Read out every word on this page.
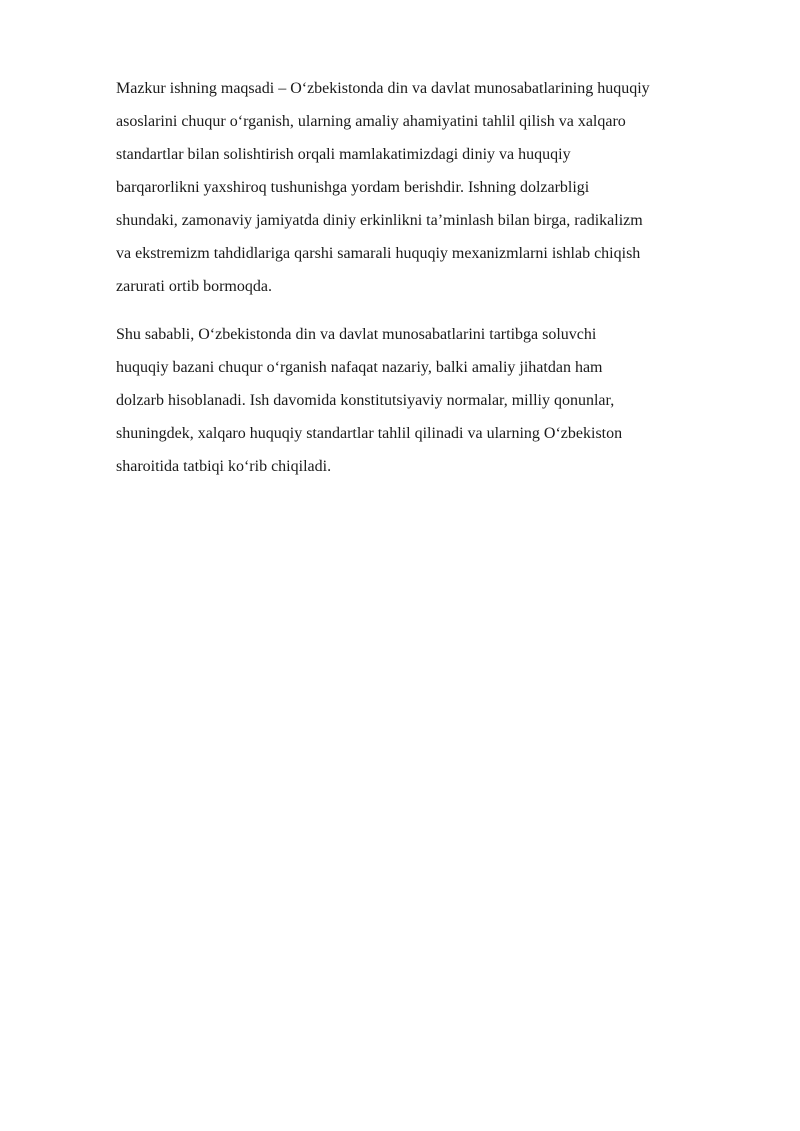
Mazkur ishning maqsadi – O‘zbekistonda din va davlat munosabatlarining huquqiy
asoslarini chuqur o‘rganish, ularning amaliy ahamiyatini tahlil qilish va xalqaro
standartlar bilan solishtirish orqali mamlakatimizdagi diniy va huquqiy
barqarorlikni yaxshiroq tushunishga yordam berishdir. Ishning dolzarbligi
shundaki, zamonaviy jamiyatda diniy erkinlikni ta’minlash bilan birga, radikalizm
va ekstremizm tahdidlariga qarshi samarali huquqiy mexanizmlarni ishlab chiqish
zarurati ortib bormoqda.

Shu sababli, O‘zbekistonda din va davlat munosabatlarini tartibga soluvchi
huquqiy bazani chuqur o‘rganish nafaqat nazariy, balki amaliy jihatdan ham
dolzarb hisoblanadi. Ish davomida konstitutsiyaviy normalar, milliy qonunlar,
shuningdek, xalqaro huquqiy standartlar tahlil qilinadi va ularning O‘zbekiston
sharoitida tatbiqi ko‘rib chiqiladi.
